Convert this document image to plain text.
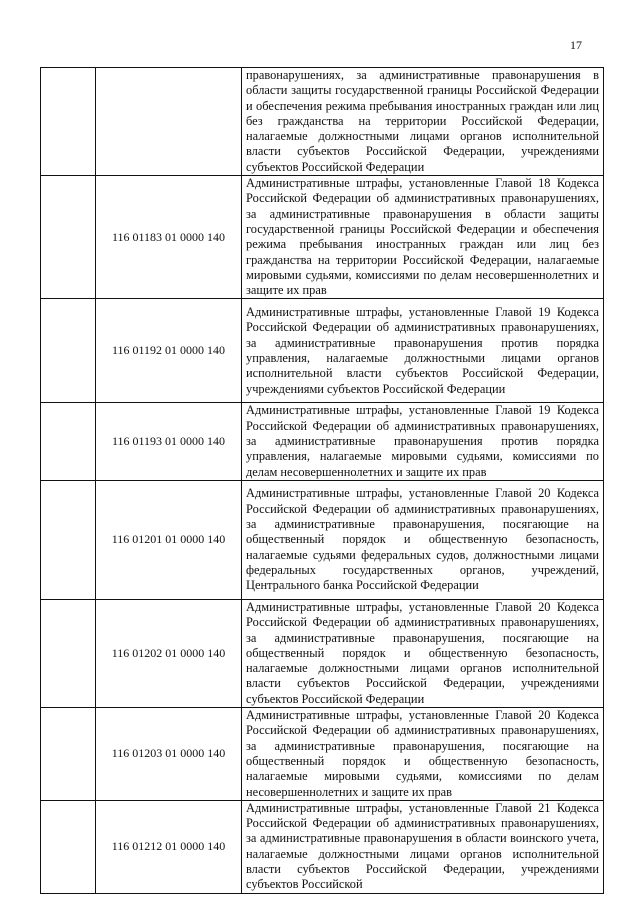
17
		правонарушениях, за административные правонарушения в области защиты государственной границы Российской Федерации и обеспечения режима пребывания иностранных граждан или лиц без гражданства на территории Российской Федерации, налагаемые должностными лицами органов исполнительной власти субъектов Российской Федерации, учреждениями субъектов Российской Федерации
	116 01183 01 0000 140	Административные штрафы, установленные Главой 18 Кодекса Российской Федерации об административных правонарушениях, за административные правонарушения в области защиты государственной границы Российской Федерации и обеспечения режима пребывания иностранных граждан или лиц без гражданства на территории Российской Федерации, налагаемые мировыми судьями, комиссиями по делам несовершеннолетних и защите их прав
	116 01192 01 0000 140	Административные штрафы, установленные Главой 19 Кодекса Российской Федерации об административных правонарушениях, за административные правонарушения против порядка управления, налагаемые должностными лицами органов исполнительной власти субъектов Российской Федерации, учреждениями субъектов Российской Федерации
	116 01193 01 0000 140	Административные штрафы, установленные Главой 19 Кодекса Российской Федерации об административных правонарушениях, за административные правонарушения против порядка управления, налагаемые мировыми судьями, комиссиями по делам несовершеннолетних и защите их прав
	116 01201 01 0000 140	Административные штрафы, установленные Главой 20 Кодекса Российской Федерации об административных правонарушениях, за административные правонарушения, посягающие на общественный порядок и общественную безопасность, налагаемые судьями федеральных судов, должностными лицами федеральных государственных органов, учреждений, Центрального банка Российской Федерации
	116 01202 01 0000 140	Административные штрафы, установленные Главой 20 Кодекса Российской Федерации об административных правонарушениях, за административные правонарушения, посягающие на общественный порядок и общественную безопасность, налагаемые должностными лицами органов исполнительной власти субъектов Российской Федерации, учреждениями субъектов Российской Федерации
	116 01203 01 0000 140	Административные штрафы, установленные Главой 20 Кодекса Российской Федерации об административных правонарушениях, за административные правонарушения, посягающие на общественный порядок и общественную безопасность, налагаемые мировыми судьями, комиссиями по делам несовершеннолетних и защите их прав
	116 01212 01 0000 140	Административные штрафы, установленные Главой 21 Кодекса Российской Федерации об административных правонарушениях, за административные правонарушения в области воинского учета, налагаемые должностными лицами органов исполнительной власти субъектов Российской Федерации, учреждениями субъектов Российской
